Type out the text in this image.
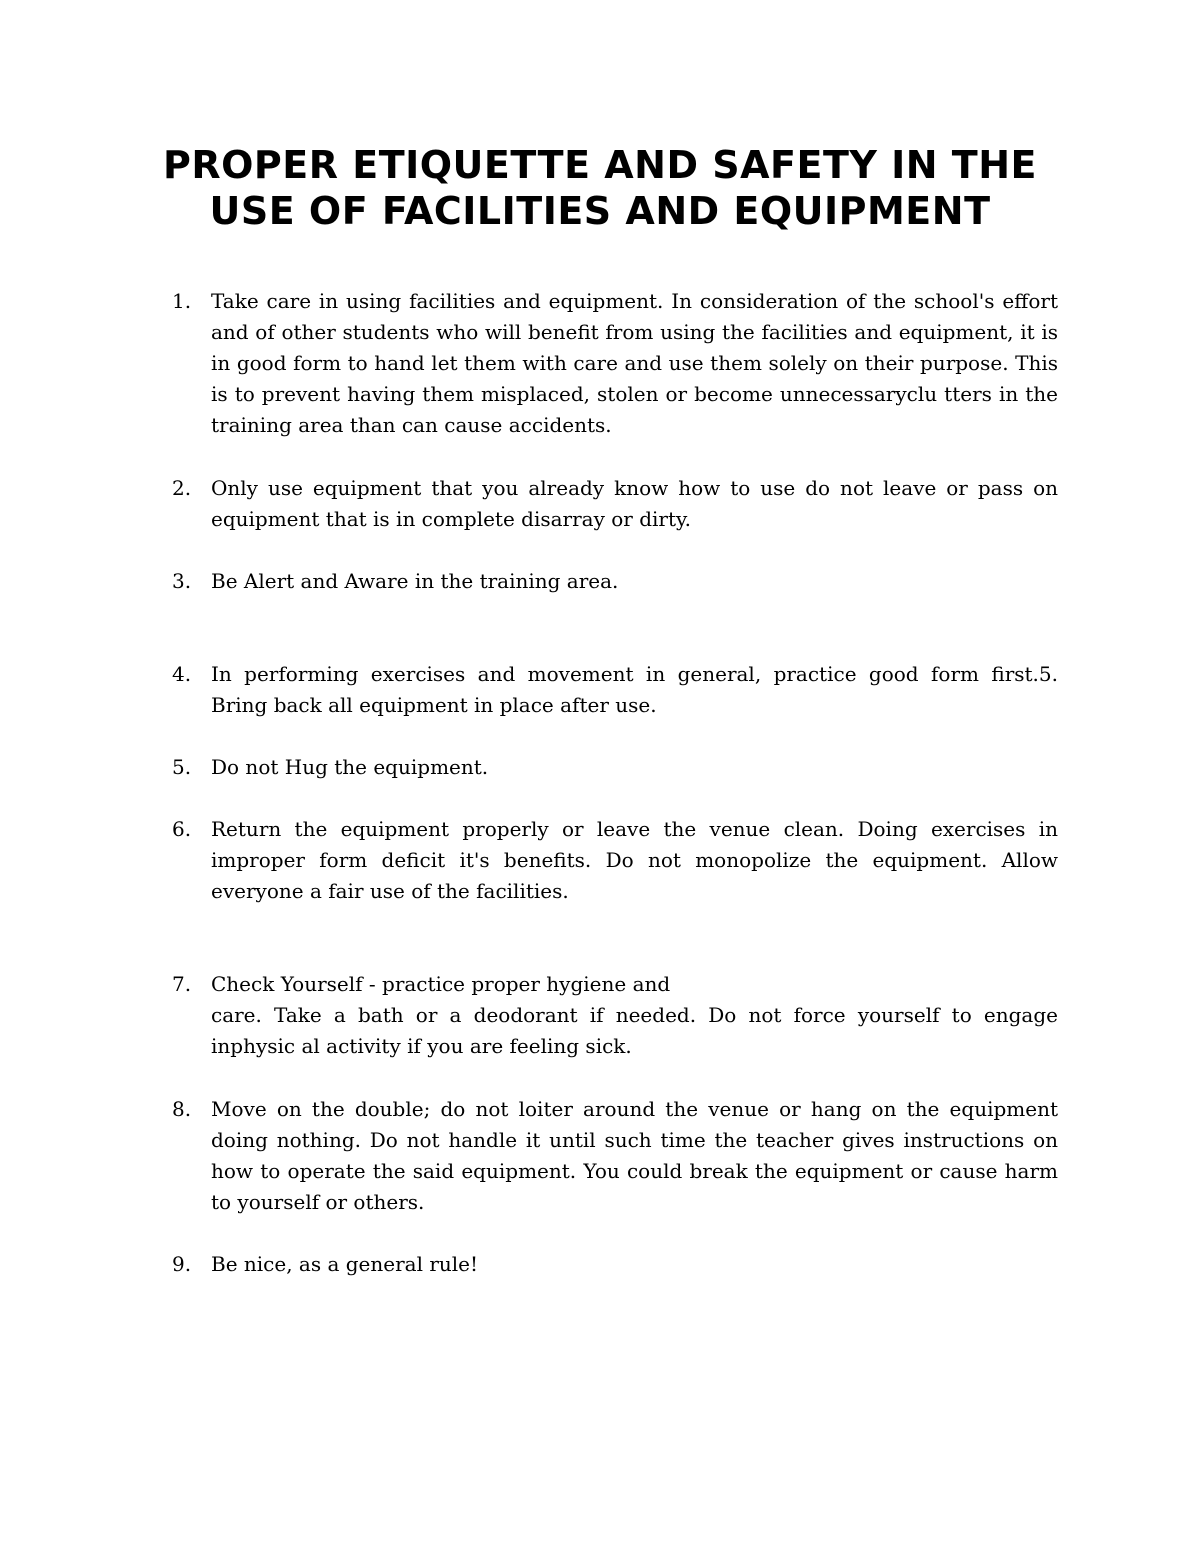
PROPER ETIQUETTE AND SAFETY IN THE
USE OF FACILITIES AND EQUIPMENT
1. Take care in using facilities and equipment. In consideration of the school's effort and of other students who will benefit from using the facilities and equipment, it is in good form to hand let them with care and use them solely on their purpose. This is to prevent having them misplaced, stolen or become unnecessaryclu tters in the training area than can cause accidents.
2. Only use equipment that you already know how to use do not leave or pass on equipment that is in complete disarray or dirty.
3. Be Alert and Aware in the training area.
4. In performing exercises and movement in general, practice good form first.5. Bring back all equipment in place after use.
5. Do not Hug the equipment.
6. Return the equipment properly or leave the venue clean. Doing exercises in improper form deficit it's benefits. Do not monopolize the equipment. Allow everyone a fair use of the facilities.
7. Check Yourself - practice proper hygiene and
care. Take a bath or a deodorant if needed. Do not force yourself to engage inphysic al activity if you are feeling sick.
8. Move on the double; do not loiter around the venue or hang on the equipment doing nothing. Do not handle it until such time the teacher gives instructions on how to operate the said equipment. You could break the equipment or cause harm to yourself or others.
9. Be nice, as a general rule!
